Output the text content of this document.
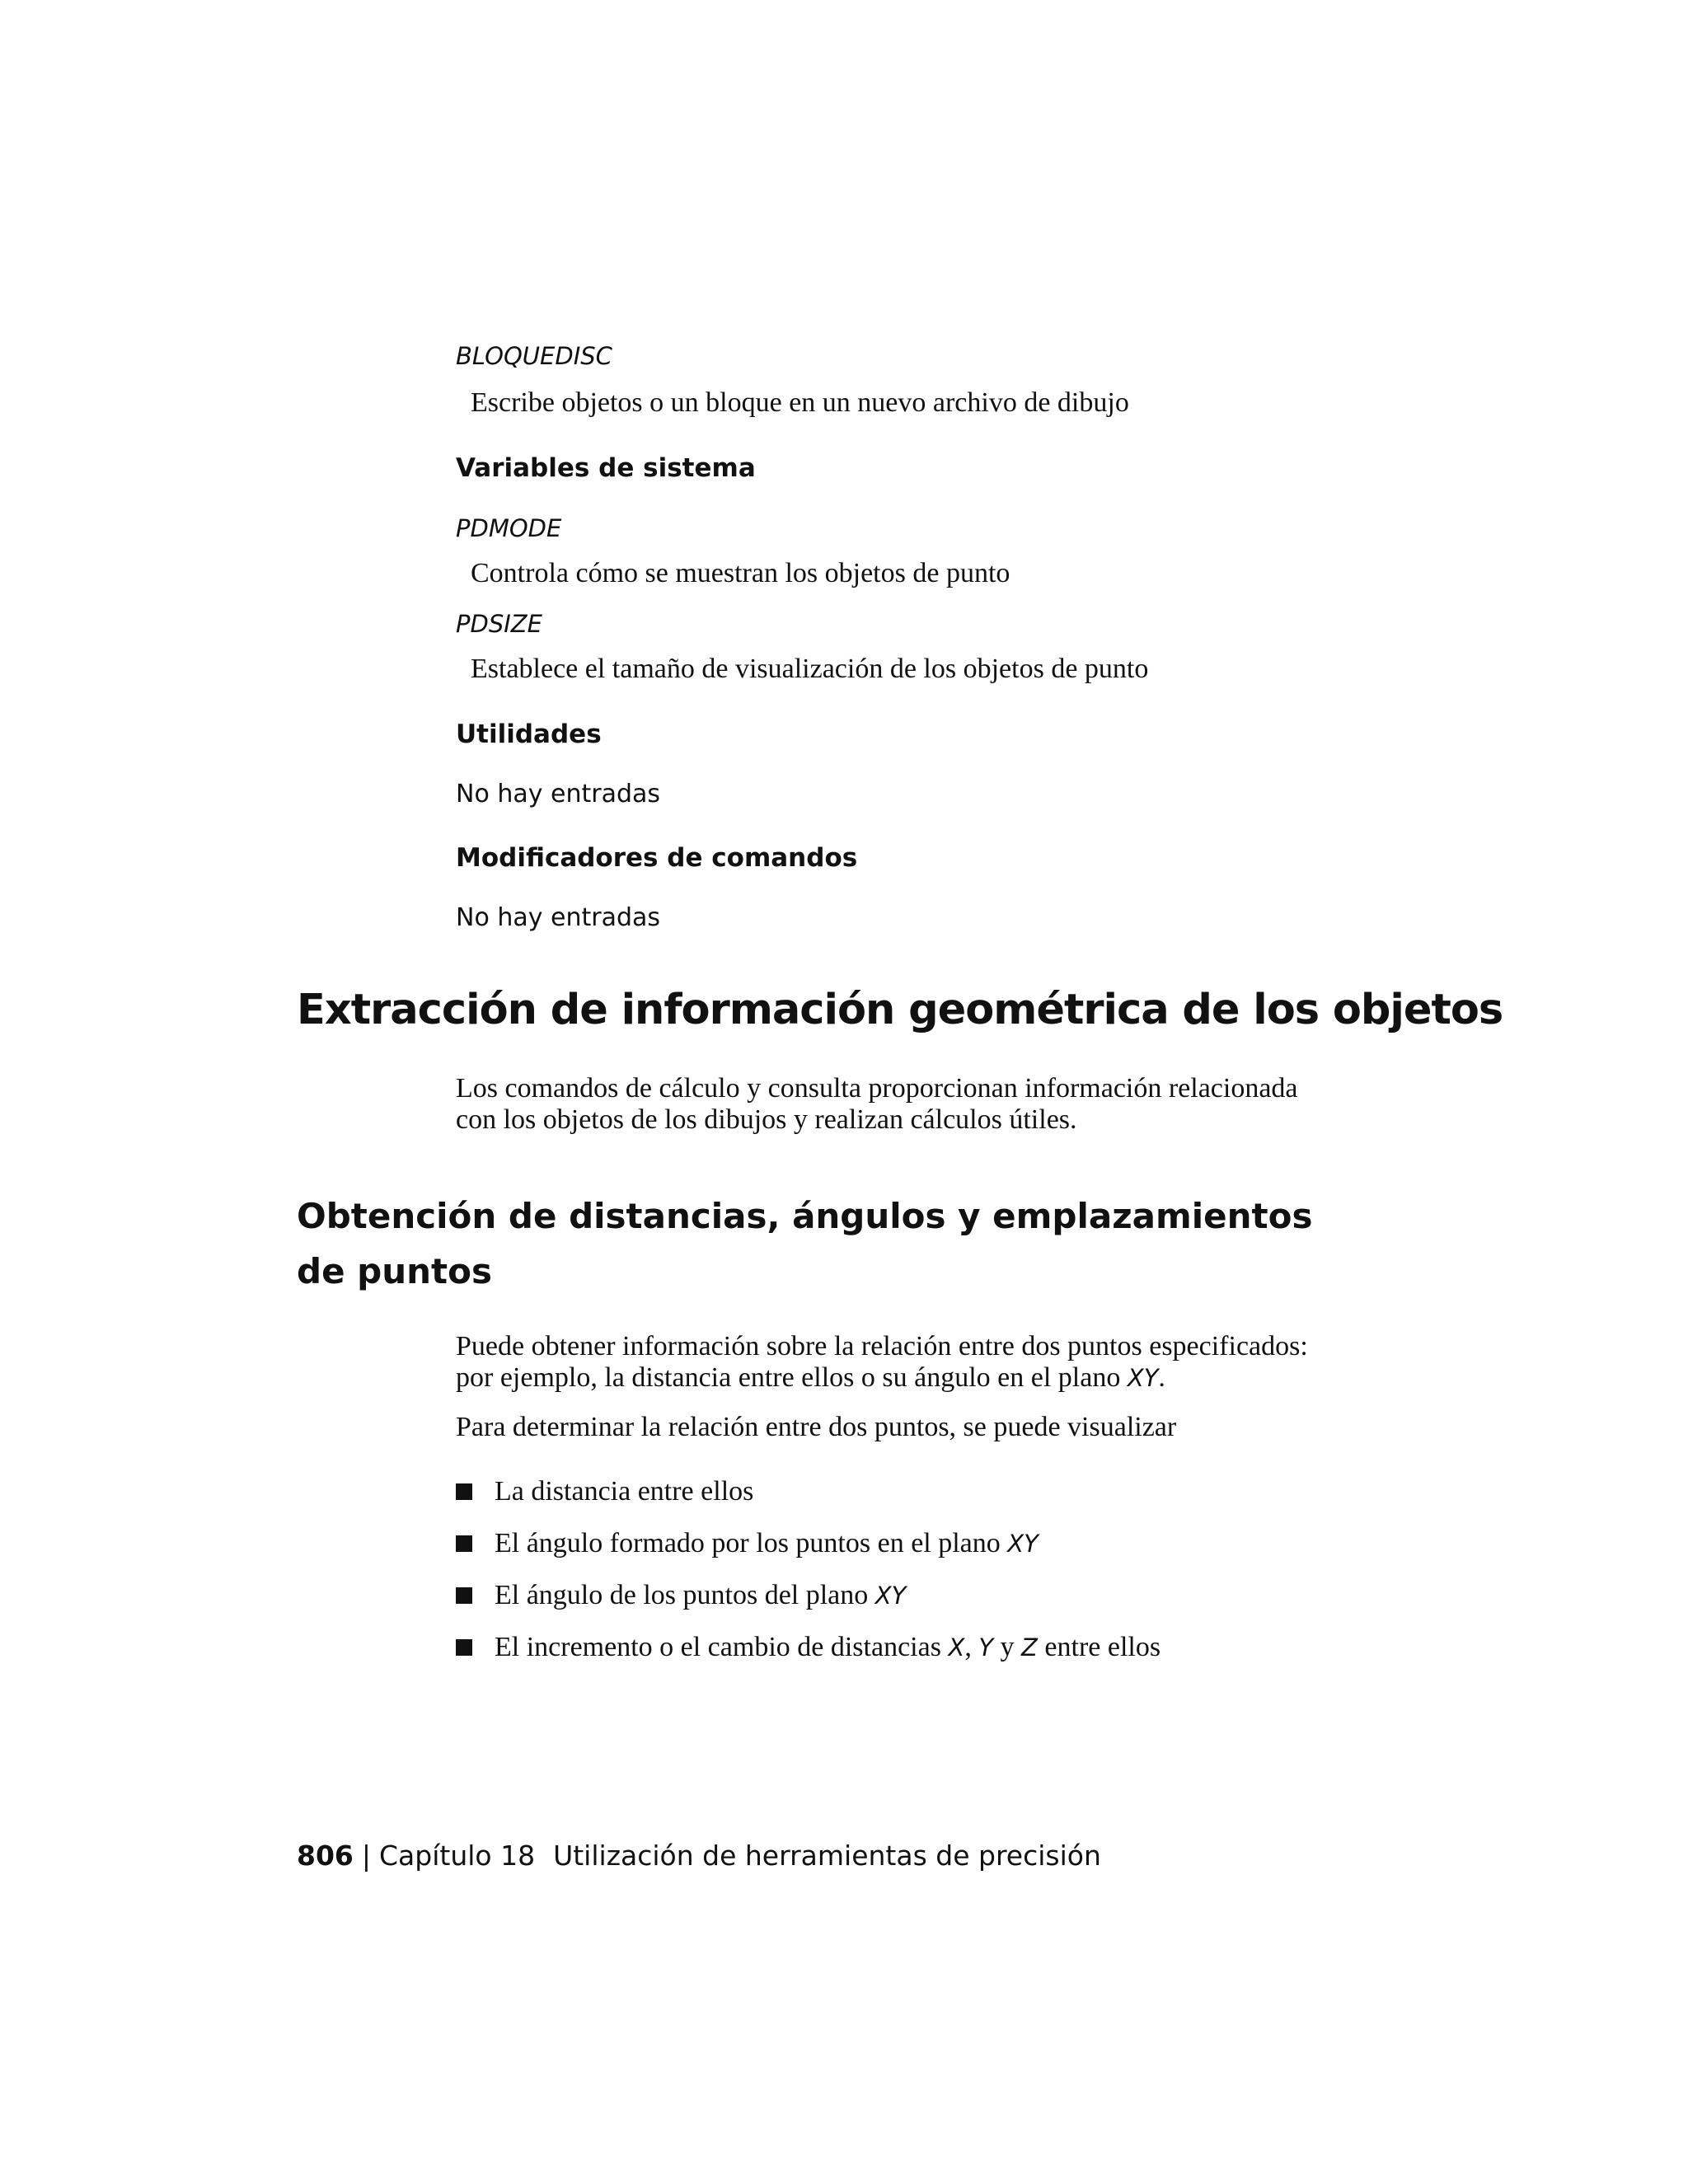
BLOQUEDISC
Escribe objetos o un bloque en un nuevo archivo de dibujo
Variables de sistema
PDMODE
Controla cómo se muestran los objetos de punto
PDSIZE
Establece el tamaño de visualización de los objetos de punto
Utilidades
No hay entradas
Modificadores de comandos
No hay entradas
Extracción de información geométrica de los objetos
Los comandos de cálculo y consulta proporcionan información relacionada
con los objetos de los dibujos y realizan cálculos útiles.
Obtención de distancias, ángulos y emplazamientos de puntos
Puede obtener información sobre la relación entre dos puntos especificados:
por ejemplo, la distancia entre ellos o su ángulo en el plano XY.
Para determinar la relación entre dos puntos, se puede visualizar
La distancia entre ellos
El ángulo formado por los puntos en el plano XY
El ángulo de los puntos del plano XY
El incremento o el cambio de distancias X, Y y Z entre ellos
806 | Capítulo 18 Utilización de herramientas de precisión
